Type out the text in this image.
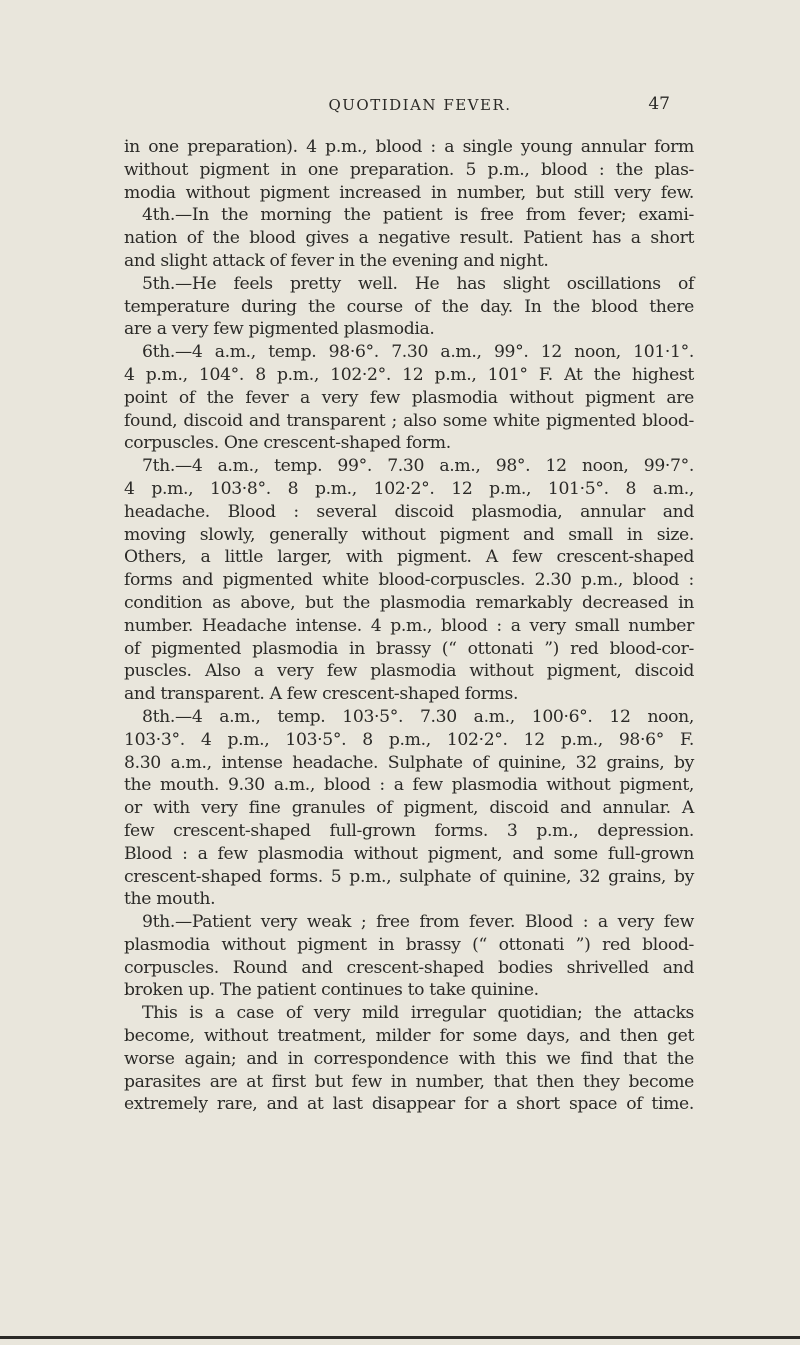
QUOTIDIAN FEVER.	47
in one preparation). 4 p.m., blood : a single young annular form
without pigment in one preparation. 5 p.m., blood : the plas-
modia without pigment increased in number, but still very few.
4th.—In the morning the patient is free from fever; exami-
nation of the blood gives a negative result. Patient has a short
and slight attack of fever in the evening and night.
5th.—He feels pretty well. He has slight oscillations of
temperature during the course of the day. In the blood there
are a very few pigmented plasmodia.
6th.—4 a.m., temp. 98·6°. 7.30 a.m., 99°. 12 noon, 101·1°.
4 p.m., 104°. 8 p.m., 102·2°. 12 p.m., 101° F. At the highest
point of the fever a very few plasmodia without pigment are
found, discoid and transparent ; also some white pigmented blood-
corpuscles. One crescent-shaped form.
7th.—4 a.m., temp. 99°. 7.30 a.m., 98°. 12 noon, 99·7°.
4 p.m., 103·8°. 8 p.m., 102·2°. 12 p.m., 101·5°. 8 a.m.,
headache. Blood : several discoid plasmodia, annular and
moving slowly, generally without pigment and small in size.
Others, a little larger, with pigment. A few crescent-shaped
forms and pigmented white blood-corpuscles. 2.30 p.m., blood :
condition as above, but the plasmodia remarkably decreased in
number. Headache intense. 4 p.m., blood : a very small number
of pigmented plasmodia in brassy (“ ottonati ”) red blood-cor-
puscles. Also a very few plasmodia without pigment, discoid
and transparent. A few crescent-shaped forms.
8th.—4 a.m., temp. 103·5°. 7.30 a.m., 100·6°. 12 noon,
103·3°. 4 p.m., 103·5°. 8 p.m., 102·2°. 12 p.m., 98·6° F.
8.30 a.m., intense headache. Sulphate of quinine, 32 grains, by
the mouth. 9.30 a.m., blood : a few plasmodia without pigment,
or with very fine granules of pigment, discoid and annular. A
few crescent-shaped full-grown forms. 3 p.m., depression.
Blood : a few plasmodia without pigment, and some full-grown
crescent-shaped forms. 5 p.m., sulphate of quinine, 32 grains, by
the mouth.
9th.—Patient very weak ; free from fever. Blood : a very few
plasmodia without pigment in brassy (“ ottonati ”) red blood-
corpuscles. Round and crescent-shaped bodies shrivelled and
broken up. The patient continues to take quinine.
This is a case of very mild irregular quotidian; the attacks
become, without treatment, milder for some days, and then get
worse again; and in correspondence with this we find that the
parasites are at first but few in number, that then they become
extremely rare, and at last disappear for a short space of time.
